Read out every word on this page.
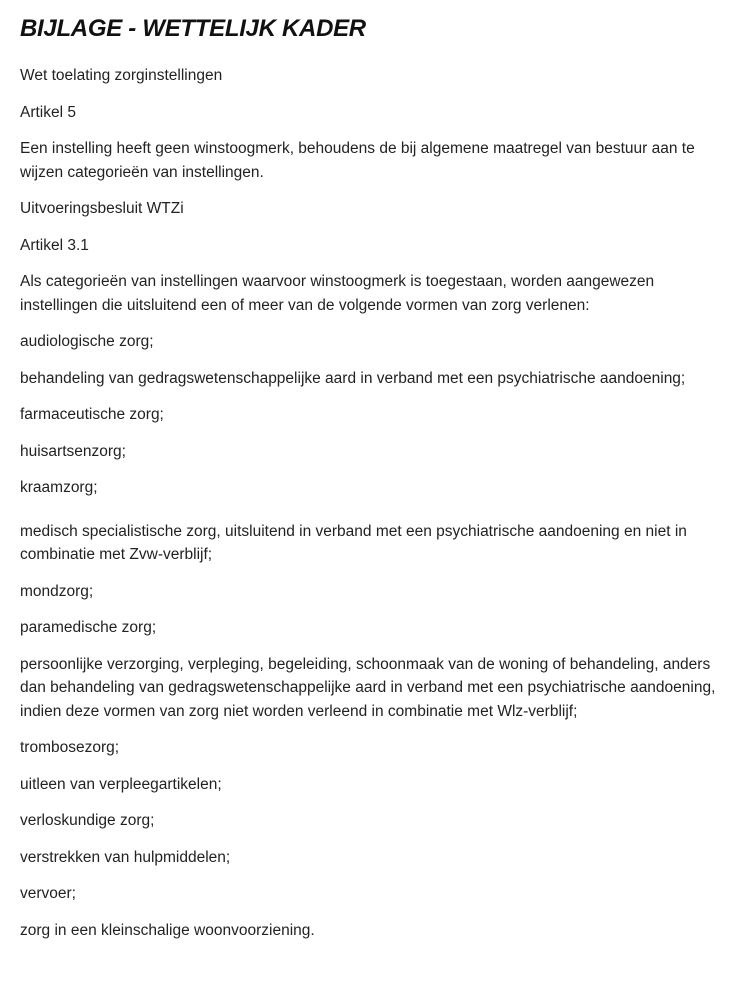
BIJLAGE - WETTELIJK KADER

Wet toelating zorginstellingen

Artikel 5

Een instelling heeft geen winstoogmerk, behoudens de bij algemene maatregel van bestuur aan te wijzen categorieën van instellingen.

Uitvoeringsbesluit WTZi

Artikel 3.1

Als categorieën van instellingen waarvoor winstoogmerk is toegestaan, worden aangewezen instellingen die uitsluitend een of meer van de volgende vormen van zorg verlenen:

audiologische zorg;

behandeling van gedragswetenschappelijke aard in verband met een psychiatrische aandoening;

farmaceutische zorg;

huisartsenzorg;

kraamzorg;

medisch specialistische zorg, uitsluitend in verband met een psychiatrische aandoening en niet in combinatie met Zvw-verblijf;

mondzorg;

paramedische zorg;

persoonlijke verzorging, verpleging, begeleiding, schoonmaak van de woning of behandeling, anders dan behandeling van gedragswetenschappelijke aard in verband met een psychiatrische aandoening, indien deze vormen van zorg niet worden verleend in combinatie met Wlz-verblijf;

trombosezorg;

uitleen van verpleegartikelen;

verloskundige zorg;

verstrekken van hulpmiddelen;

vervoer;

zorg in een kleinschalige woonvoorziening.
